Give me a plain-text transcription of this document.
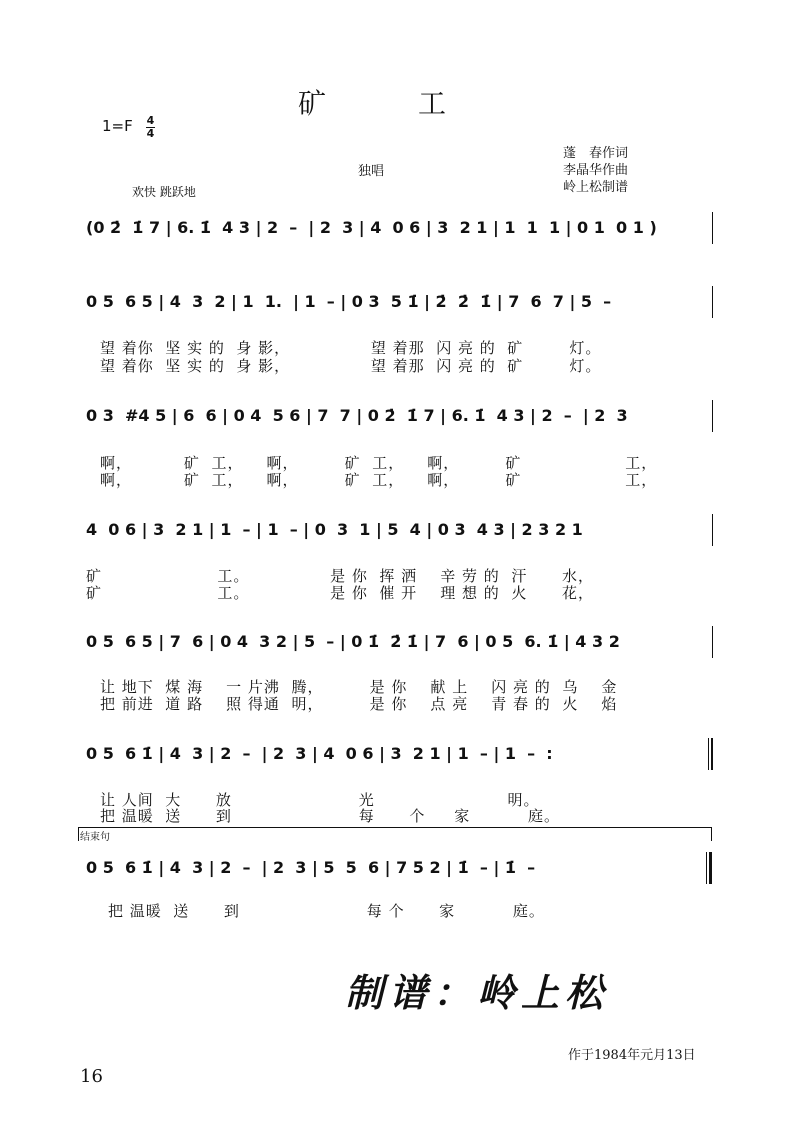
矿　　　工
1=F 4
4
蓬　春作词
李晶华作曲
岭上松制谱
独唱
欢快 跳跃地
(0 2̇  1̇ 7 | 6. 1̇  4 3 | 2  –  | 2  3 | 4  0 6 | 3  2 1 | 1  1  1 | 0 1  0 1 )
0 5  6 5 | 4  3  2 | 1  1.  | 1  – | 0 3  5 1̇ | 2̇  2̇  1̇ | 7  6  7 | 5  –
望 着你  坚 实 的  身 影，              望 着那  闪 亮 的  矿        灯。
望 着你  坚 实 的  身 影，              望 着那  闪 亮 的  矿        灯。
0 3  #4 5 | 6  6 | 0 4  5 6 | 7  7 | 0 2̇  1̇ 7 | 6. 1̇  4 3 | 2  –  | 2  3
啊，         矿  工，    啊，        矿  工，    啊，        矿                  工，
啊，         矿  工，    啊，        矿  工，    啊，        矿                  工，
4  0 6 | 3  2 1 | 1  – | 1  – | 0  3  1 | 5  4 | 0 3  4 3 | 2 3 2 1
矿                    工。              是 你  挥 洒    辛 劳 的  汗      水，
矿                    工。              是 你  催 开    理 想 的  火      花，
0 5  6 5 | 7  6 | 0 4  3 2 | 5  – | 0 1̇  2̇ 1̇ | 7  6 | 0 5  6. 1̇ | 4 3 2
让 地下  煤 海    一 片沸  腾，        是 你    献 上    闪 亮 的  乌    金
把 前进  道 路    照 得通  明，        是 你    点 亮    青 春 的  火    焰
0 5  6 1̇ | 4  3 | 2  –  | 2  3 | 4  0 6 | 3  2 1 | 1  – | 1  –  :
让 人间  大      放                      光                       明。
把 温暖  送      到                      每      个     家          庭。
结束句
0 5  6 1̇ | 4  3 | 2  –  | 2  3 | 5  5  6 | 7 5 2 | 1̇  – | 1̇  –
把 温暖  送      到                      每 个      家          庭。
制谱：岭上松
作于1984年元月13日
16
